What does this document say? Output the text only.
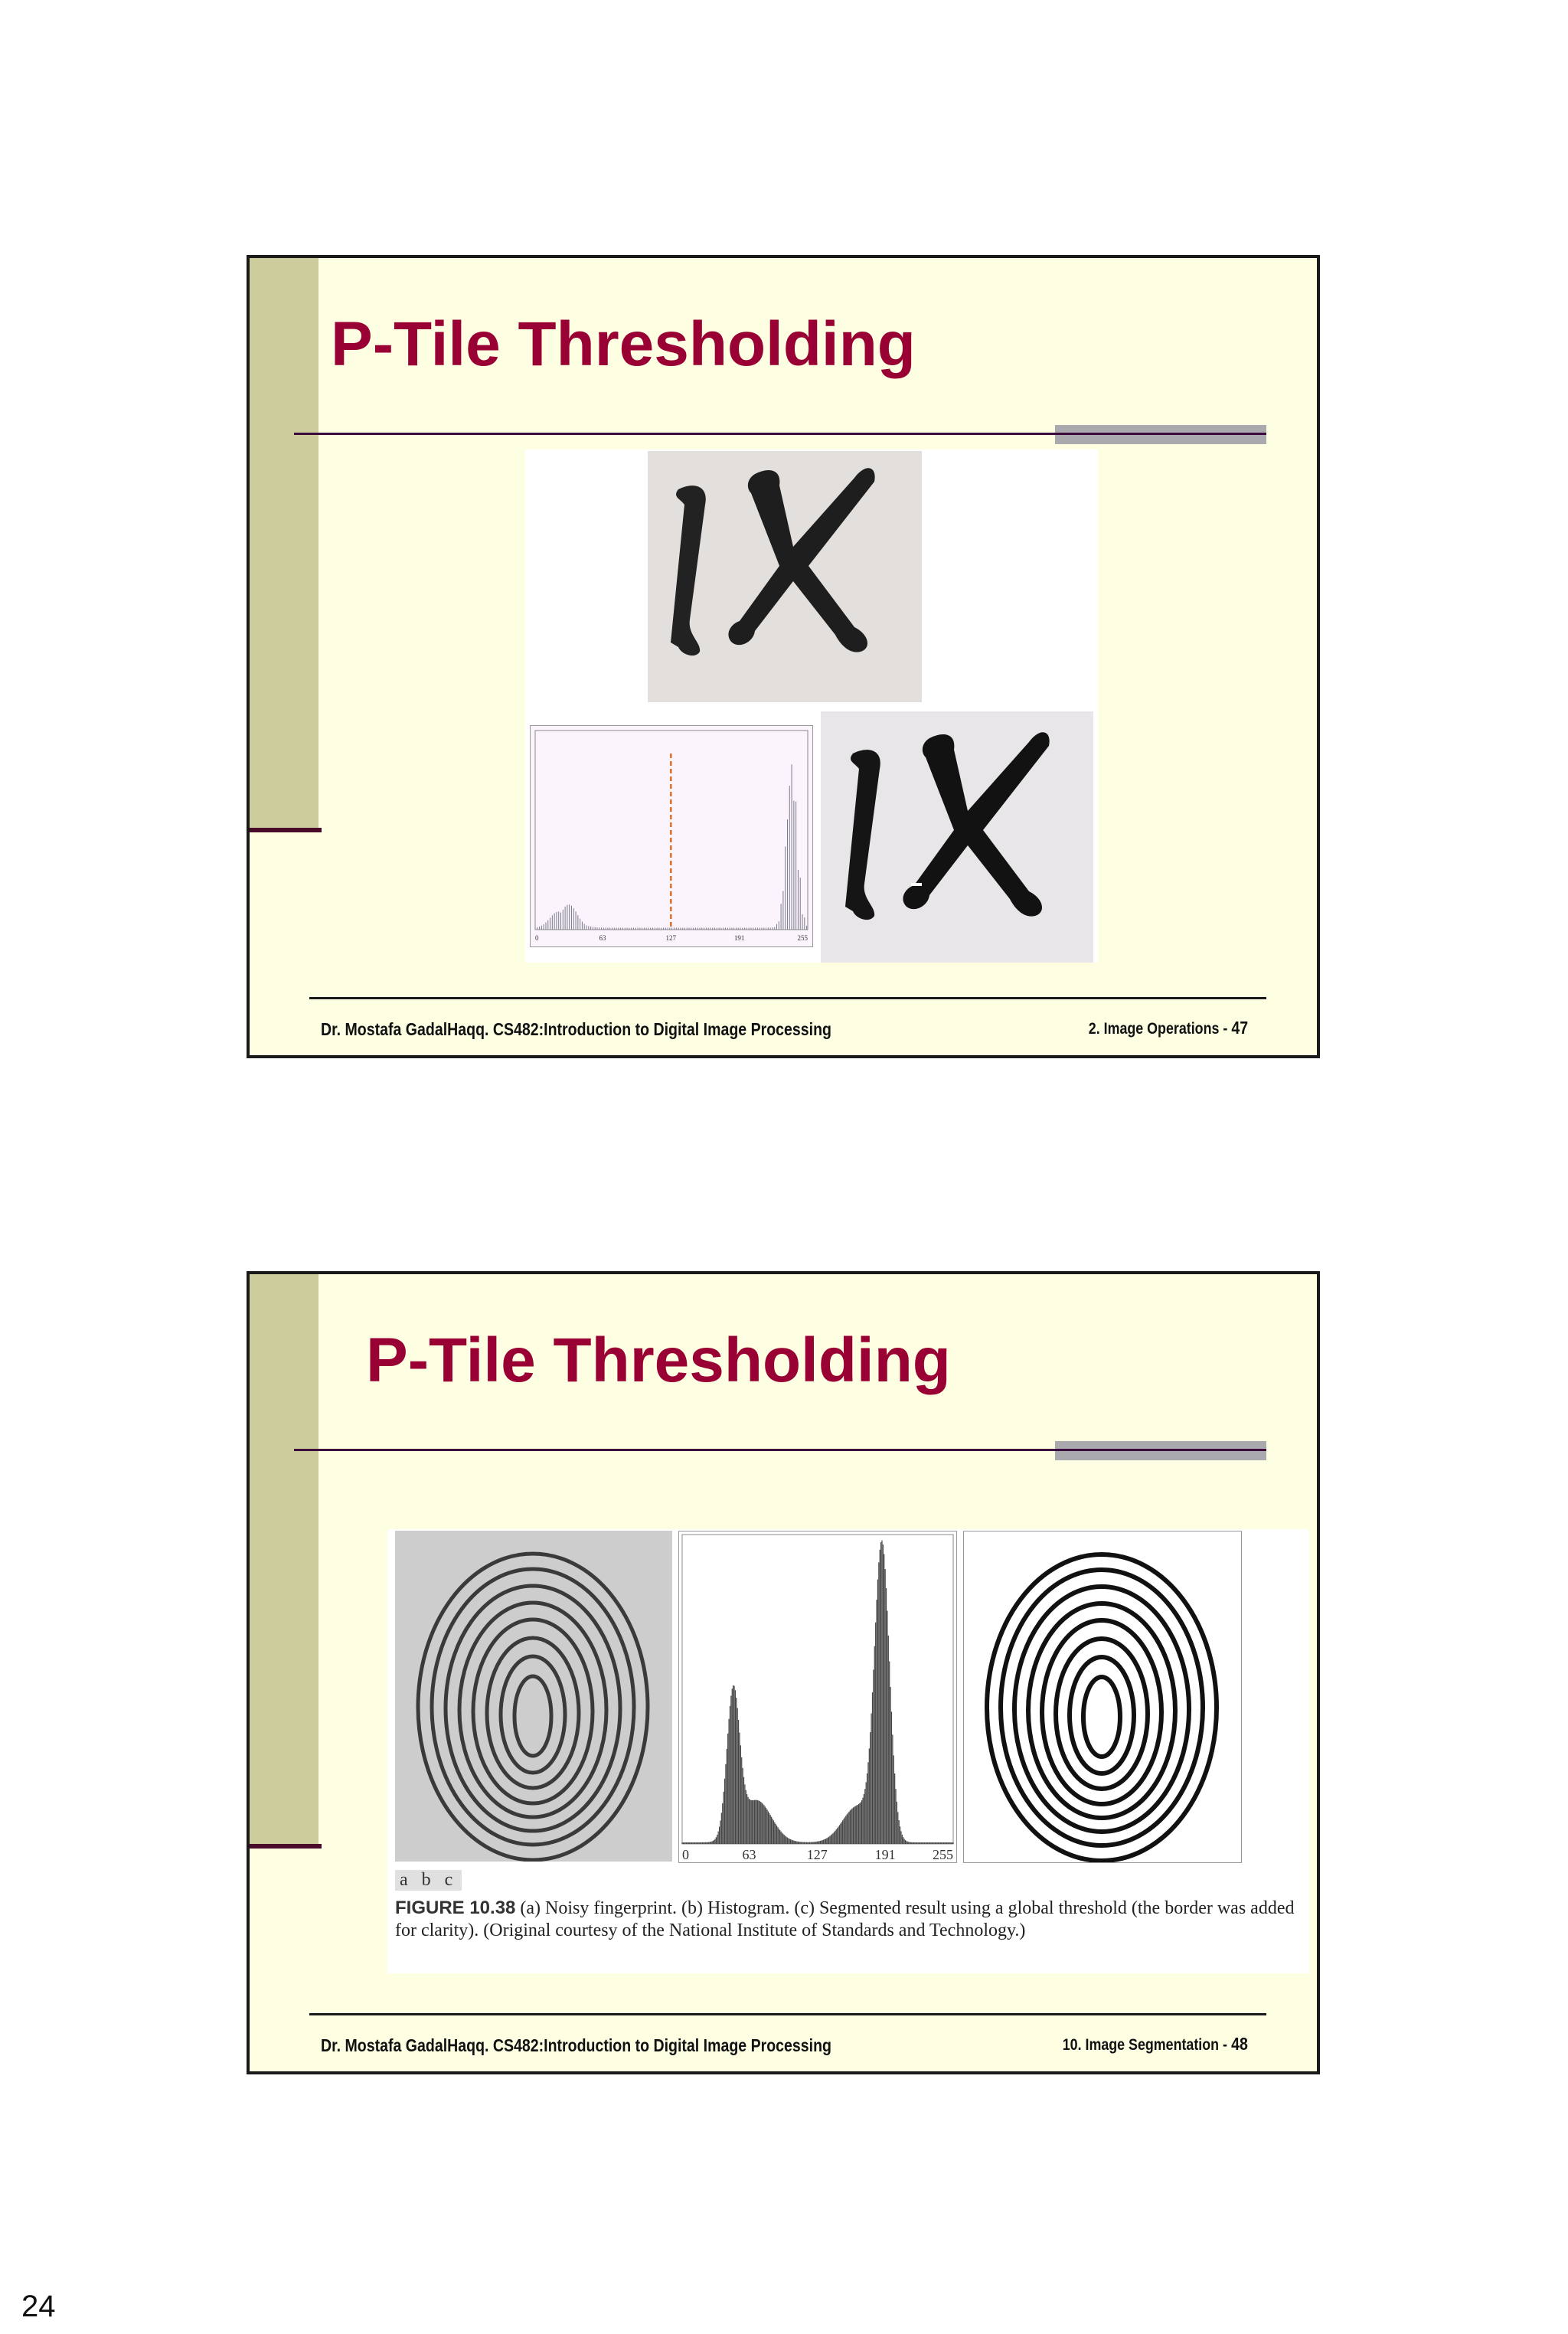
P-Tile Thresholding
0	63	127	191	255
Dr. Mostafa GadalHaqq. CS482:Introduction to Digital Image Processing	2. Image Operations - 47
P-Tile Thresholding
0	63	127	191	255
a b c
FIGURE 10.38 (a) Noisy fingerprint. (b) Histogram. (c) Segmented result using a global threshold (the border was added for clarity). (Original courtesy of the National Institute of Standards and Technology.)
Dr. Mostafa GadalHaqq. CS482:Introduction to Digital Image Processing	10. Image Segmentation - 48
24
